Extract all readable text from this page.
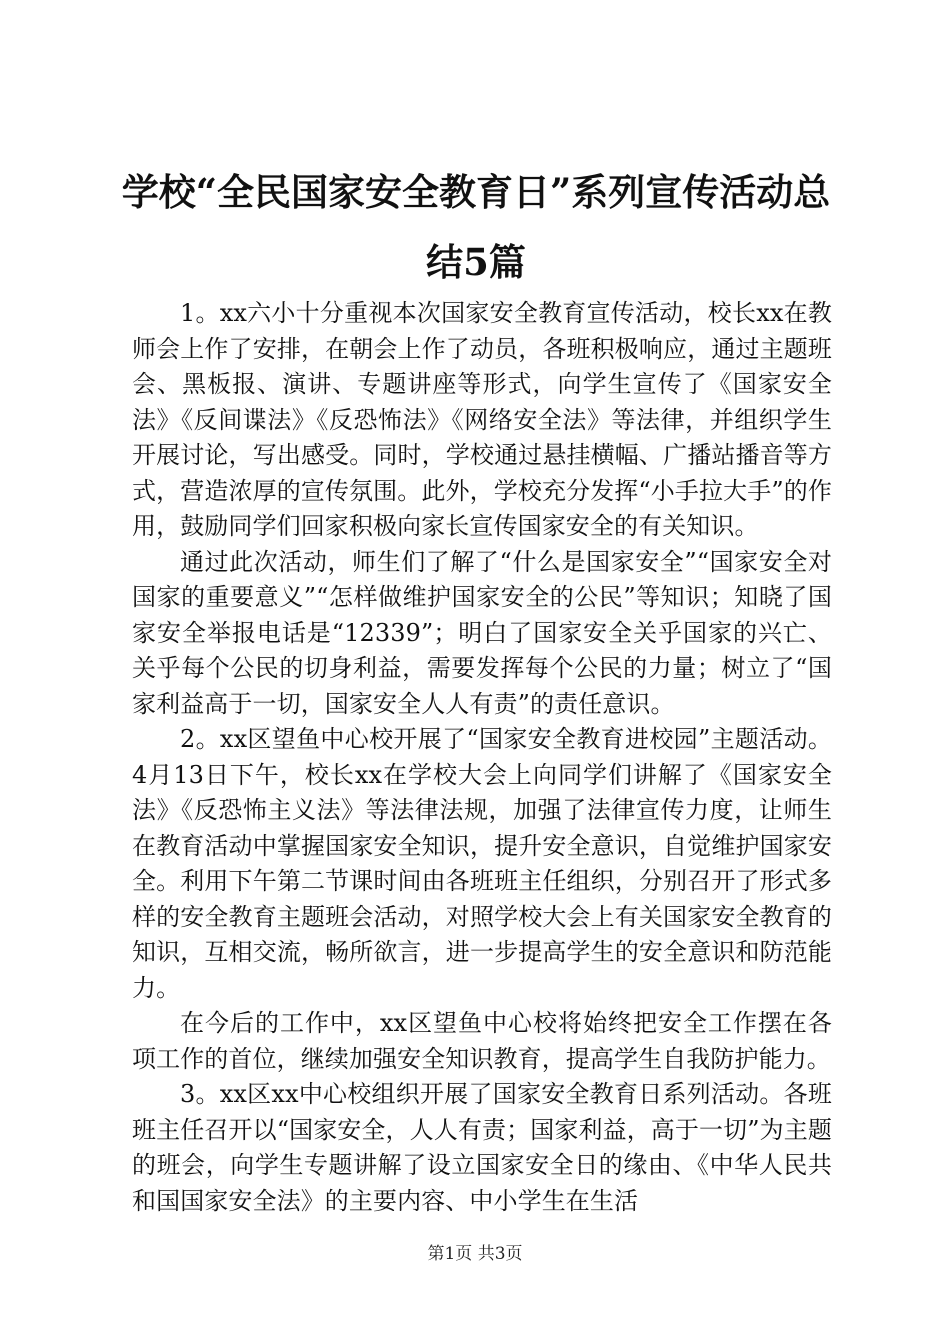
学校“全民国家安全教育日”系列宣传活动总结5篇

1。xx六小十分重视本次国家安全教育宣传活动，校长xx在教师会上作了安排，在朝会上作了动员，各班积极响应，通过主题班会、黑板报、演讲、专题讲座等形式，向学生宣传了《国家安全法》《反间谍法》《反恐怖法》《网络安全法》等法律，并组织学生开展讨论，写出感受。同时，学校通过悬挂横幅、广播站播音等方式，营造浓厚的宣传氛围。此外，学校充分发挥“小手拉大手”的作用，鼓励同学们回家积极向家长宣传国家安全的有关知识。

通过此次活动，师生们了解了“什么是国家安全”“国家安全对国家的重要意义”“怎样做维护国家安全的公民”等知识；知晓了国家安全举报电话是“12339”；明白了国家安全关乎国家的兴亡、关乎每个公民的切身利益，需要发挥每个公民的力量；树立了“国家利益高于一切，国家安全人人有责”的责任意识。

2。xx区望鱼中心校开展了“国家安全教育进校园”主题活动。4月13日下午，校长xx在学校大会上向同学们讲解了《国家安全法》《反恐怖主义法》等法律法规，加强了法律宣传力度，让师生在教育活动中掌握国家安全知识，提升安全意识，自觉维护国家安全。利用下午第二节课时间由各班班主任组织，分别召开了形式多样的安全教育主题班会活动，对照学校大会上有关国家安全教育的知识，互相交流，畅所欲言，进一步提高学生的安全意识和防范能力。

在今后的工作中，xx区望鱼中心校将始终把安全工作摆在各项工作的首位，继续加强安全知识教育，提高学生自我防护能力。

3。xx区xx中心校组织开展了国家安全教育日系列活动。各班班主任召开以“国家安全，人人有责；国家利益，高于一切”为主题的班会，向学生专题讲解了设立国家安全日的缘由、《中华人民共和国国家安全法》的主要内容、中小学生在生活

第1页 共3页
